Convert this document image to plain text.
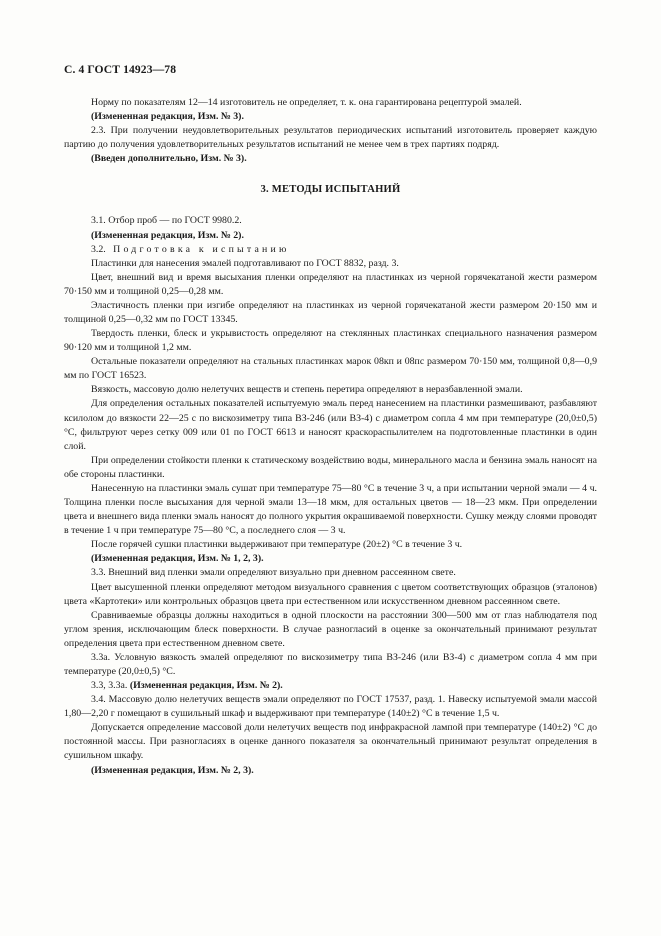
С. 4 ГОСТ 14923—78

Норму по показателям 12—14 изготовитель не определяет, т. к. она гарантирована рецептурой эмалей.

(Измененная редакция, Изм. № 3).

2.3. При получении неудовлетворительных результатов периодических испытаний изготовитель проверяет каждую партию до получения удовлетворительных результатов испытаний не менее чем в трех партиях подряд.

(Введен дополнительно, Изм. № 3).

3. МЕТОДЫ ИСПЫТАНИЙ

3.1. Отбор проб — по ГОСТ 9980.2.

(Измененная редакция, Изм. № 2).

3.2. Подготовка к испытанию

Пластинки для нанесения эмалей подготавливают по ГОСТ 8832, разд. 3.

Цвет, внешний вид и время высыхания пленки определяют на пластинках из черной горячекатаной жести размером 70·150 мм и толщиной 0,25—0,28 мм.

Эластичность пленки при изгибе определяют на пластинках из черной горячекатаной жести размером 20·150 мм и толщиной 0,25—0,32 мм по ГОСТ 13345.

Твердость пленки, блеск и укрывистость определяют на стеклянных пластинках специального назначения размером 90·120 мм и толщиной 1,2 мм.

Остальные показатели определяют на стальных пластинках марок 08кп и 08пс размером 70·150 мм, толщиной 0,8—0,9 мм по ГОСТ 16523.

Вязкость, массовую долю нелетучих веществ и степень перетира определяют в неразбавленной эмали.

Для определения остальных показателей испытуемую эмаль перед нанесением на пластинки размешивают, разбавляют ксилолом до вязкости 22—25 с по вискозиметру типа ВЗ-246 (или ВЗ-4) с диаметром сопла 4 мм при температуре (20,0±0,5) °С, фильтруют через сетку 009 или 01 по ГОСТ 6613 и наносят краскораспылителем на подготовленные пластинки в один слой.

При определении стойкости пленки к статическому воздействию воды, минерального масла и бензина эмаль наносят на обе стороны пластинки.

Нанесенную на пластинки эмаль сушат при температуре 75—80 °С в течение 3 ч, а при испытании черной эмали — 4 ч. Толщина пленки после высыхания для черной эмали 13—18 мкм, для остальных цветов — 18—23 мкм. При определении цвета и внешнего вида пленки эмаль наносят до полного укрытия окрашиваемой поверхности. Сушку между слоями проводят в течение 1 ч при температуре 75—80 °С, а последнего слоя — 3 ч.

После горячей сушки пластинки выдерживают при температуре (20±2) °С в течение 3 ч.

(Измененная редакция, Изм. № 1, 2, 3).

3.3. Внешний вид пленки эмали определяют визуально при дневном рассеянном свете.

Цвет высушенной пленки определяют методом визуального сравнения с цветом соответствующих образцов (эталонов) цвета «Картотеки» или контрольных образцов цвета при естественном или искусственном дневном рассеянном свете.

Сравниваемые образцы должны находиться в одной плоскости на расстоянии 300—500 мм от глаз наблюдателя под углом зрения, исключающим блеск поверхности. В случае разногласий в оценке за окончательный принимают результат определения цвета при естественном дневном свете.

3.3а. Условную вязкость эмалей определяют по вискозиметру типа ВЗ-246 (или ВЗ-4) с диаметром сопла 4 мм при температуре (20,0±0,5) °С.

3.3, 3.3а. (Измененная редакция, Изм. № 2).

3.4. Массовую долю нелетучих веществ эмали определяют по ГОСТ 17537, разд. 1. Навеску испытуемой эмали массой 1,80—2,20 г помещают в сушильный шкаф и выдерживают при температуре (140±2) °С в течение 1,5 ч.

Допускается определение массовой доли нелетучих веществ под инфракрасной лампой при температуре (140±2) °С до постоянной массы. При разногласиях в оценке данного показателя за окончательный принимают результат определения в сушильном шкафу.

(Измененная редакция, Изм. № 2, 3).
